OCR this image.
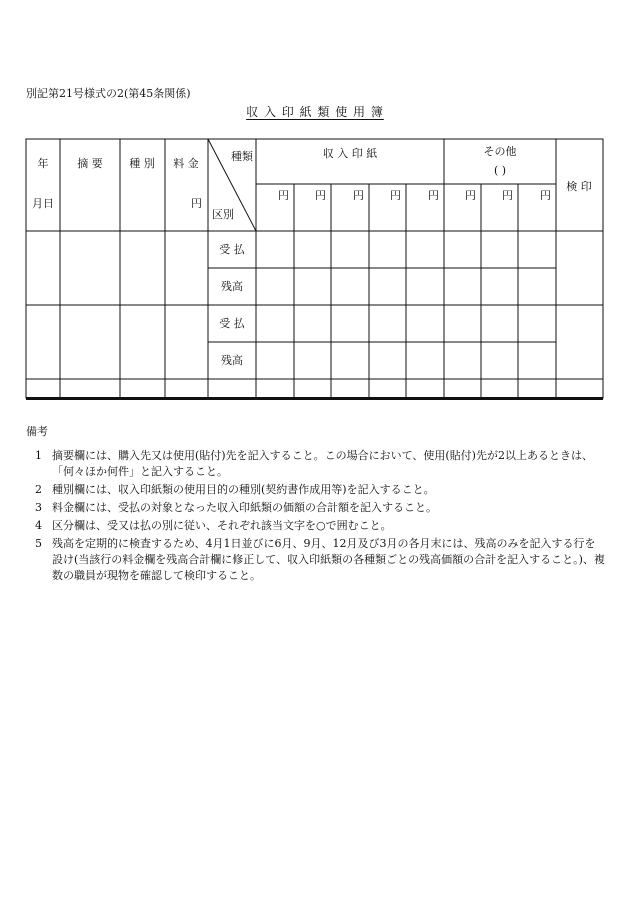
別記第21号様式の2(第45条関係)
収 入 印 紙 類 使 用 簿
年
月日
摘 要 種 別 料 金
円
種類
区別
収 入 印 紙	その他
( )
検 印
円 円 円 円 円 円 円 円
受 払
残高
受 払
残高
備考
1 摘要欄には、購入先又は使用(貼付)先を記入すること。この場合において、使用(貼付)先が2以上あるときは、「何々ほか何件」と記入すること。
2 種別欄には、収入印紙類の使用目的の種別(契約書作成用等)を記入すること。
3 料金欄には、受払の対象となった収入印紙類の価額の合計額を記入すること。
4 区分欄は、受又は払の別に従い、それぞれ該当文字を○で囲むこと。
5 残高を定期的に検査するため、4月1日並びに6月、9月、12月及び3月の各月末には、残高のみを記入する行を設け(当該行の料金欄を残高合計欄に修正して、収入印紙類の各種類ごとの残高価額の合計を記入すること。)、複数の職員が現物を確認して検印すること。
